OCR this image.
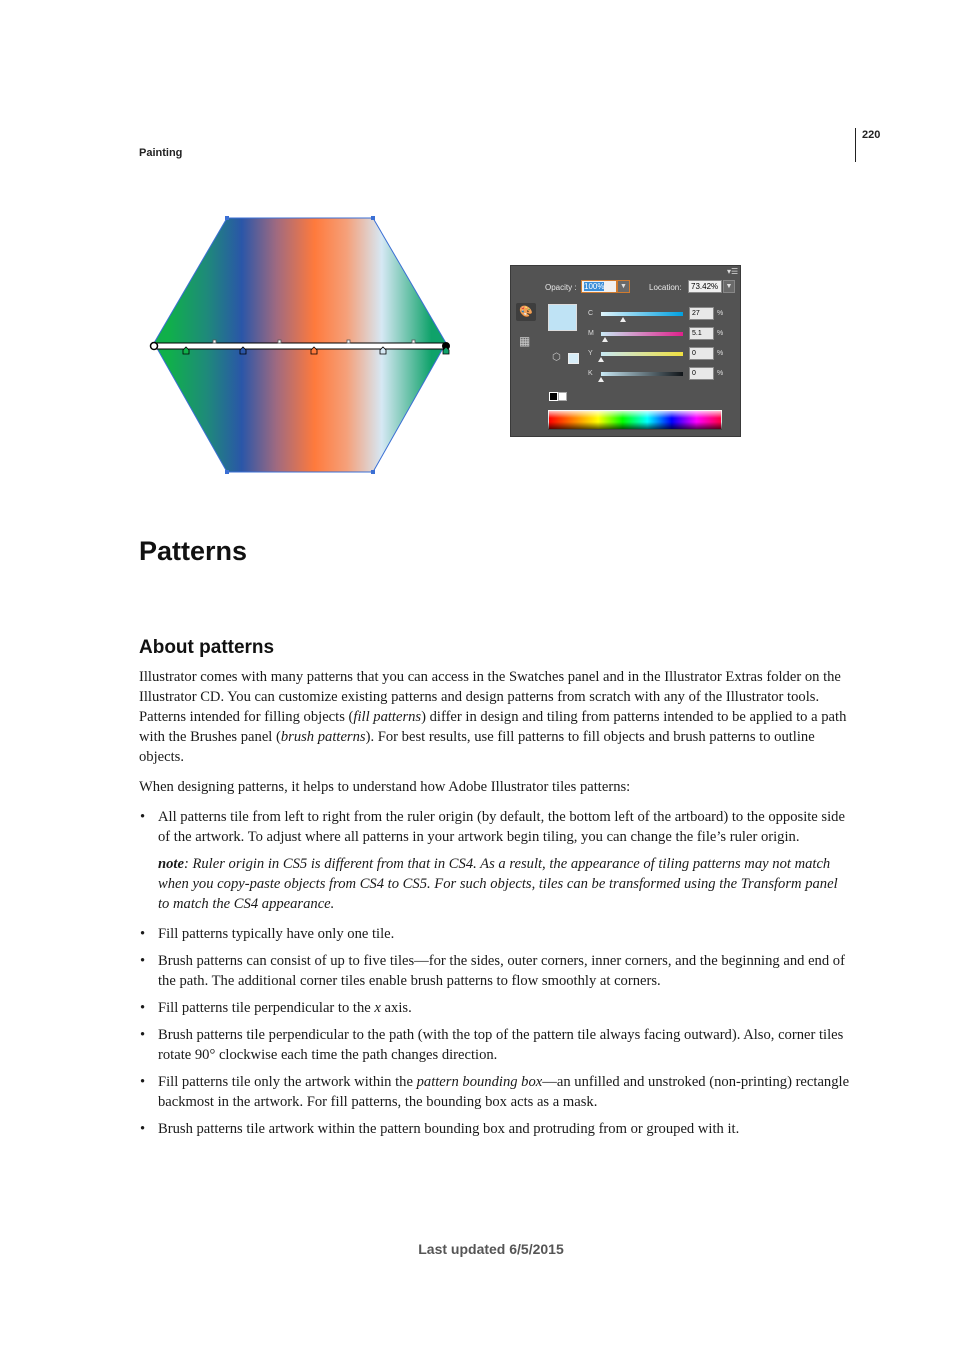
Painting
220
▾☰
Opacity : 100%	▼	Location:	73.42%	▼
🎨
▦
⬡
C	27	%
M	5.1	%
Y	0	%
K	0	%
Patterns
About patterns

Illustrator comes with many patterns that you can access in the Swatches panel and in the Illustrator Extras folder on the Illustrator CD. You can customize existing patterns and design patterns from scratch with any of the Illustrator tools. Patterns intended for filling objects (fill patterns) differ in design and tiling from patterns intended to be applied to a path with the Brushes panel (brush patterns). For best results, use fill patterns to fill objects and brush patterns to outline objects.

When designing patterns, it helps to understand how Adobe Illustrator tiles patterns:

• All patterns tile from left to right from the ruler origin (by default, the bottom left of the artboard) to the opposite side of the artwork. To adjust where all patterns in your artwork begin tiling, you can change the file’s ruler origin.
note: Ruler origin in CS5 is different from that in CS4. As a result, the appearance of tiling patterns may not match when you copy-paste objects from CS4 to CS5. For such objects, tiles can be transformed using the Transform panel to match the CS4 appearance.
• Fill patterns typically have only one tile.
• Brush patterns can consist of up to five tiles—for the sides, outer corners, inner corners, and the beginning and end of the path. The additional corner tiles enable brush patterns to flow smoothly at corners.
• Fill patterns tile perpendicular to the x axis.
• Brush patterns tile perpendicular to the path (with the top of the pattern tile always facing outward). Also, corner tiles rotate 90° clockwise each time the path changes direction.
• Fill patterns tile only the artwork within the pattern bounding box—an unfilled and unstroked (non-printing) rectangle backmost in the artwork. For fill patterns, the bounding box acts as a mask.
• Brush patterns tile artwork within the pattern bounding box and protruding from or grouped with it.
Last updated 6/5/2015
